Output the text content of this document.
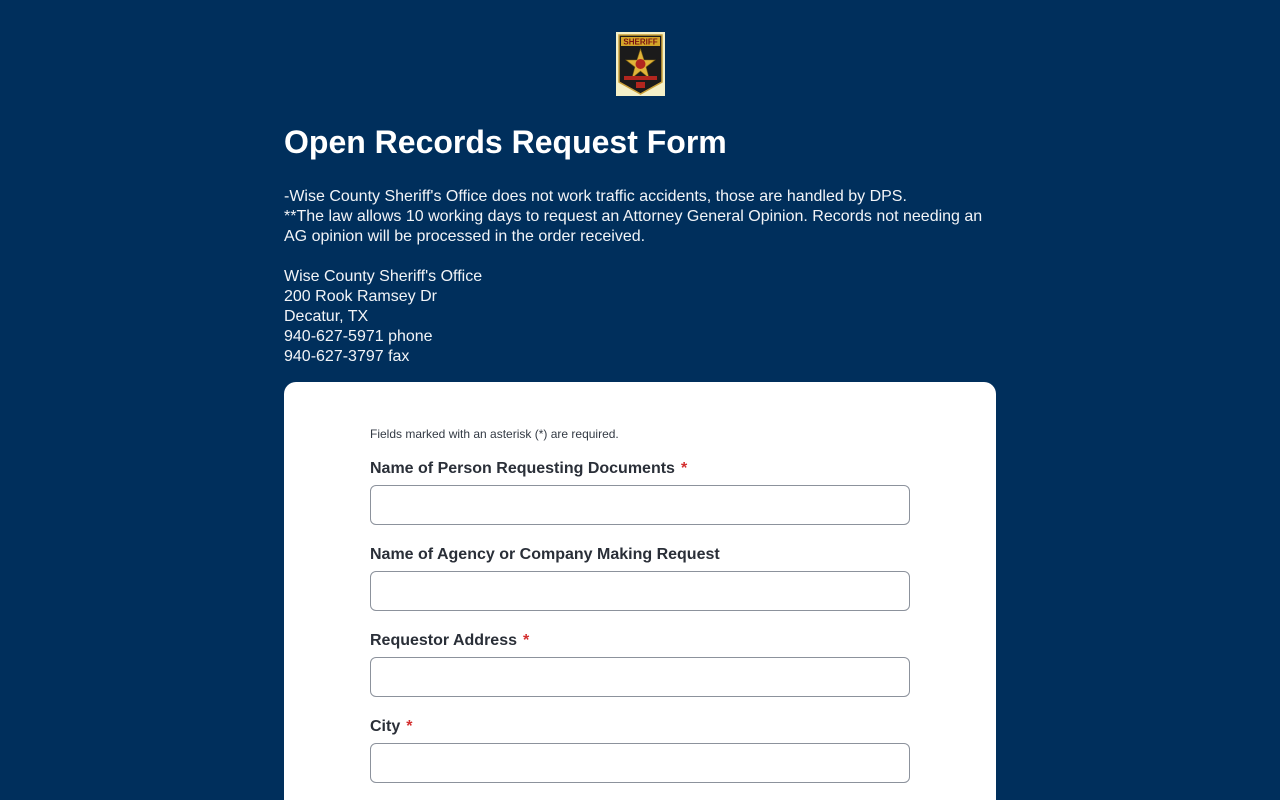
SHERIFF
Open Records Request Form
-Wise County Sheriff's Office does not work traffic accidents, those are handled by DPS.
**The law allows 10 working days to request an Attorney General Opinion. Records not needing an AG opinion will be processed in the order received.
Wise County Sheriff's Office
200 Rook Ramsey Dr
Decatur, TX
940-627-5971 phone
940-627-3797 fax
Fields marked with an asterisk (*) are required.
Name of Person Requesting Documents *
Name of Agency or Company Making Request
Requestor Address *
City *
